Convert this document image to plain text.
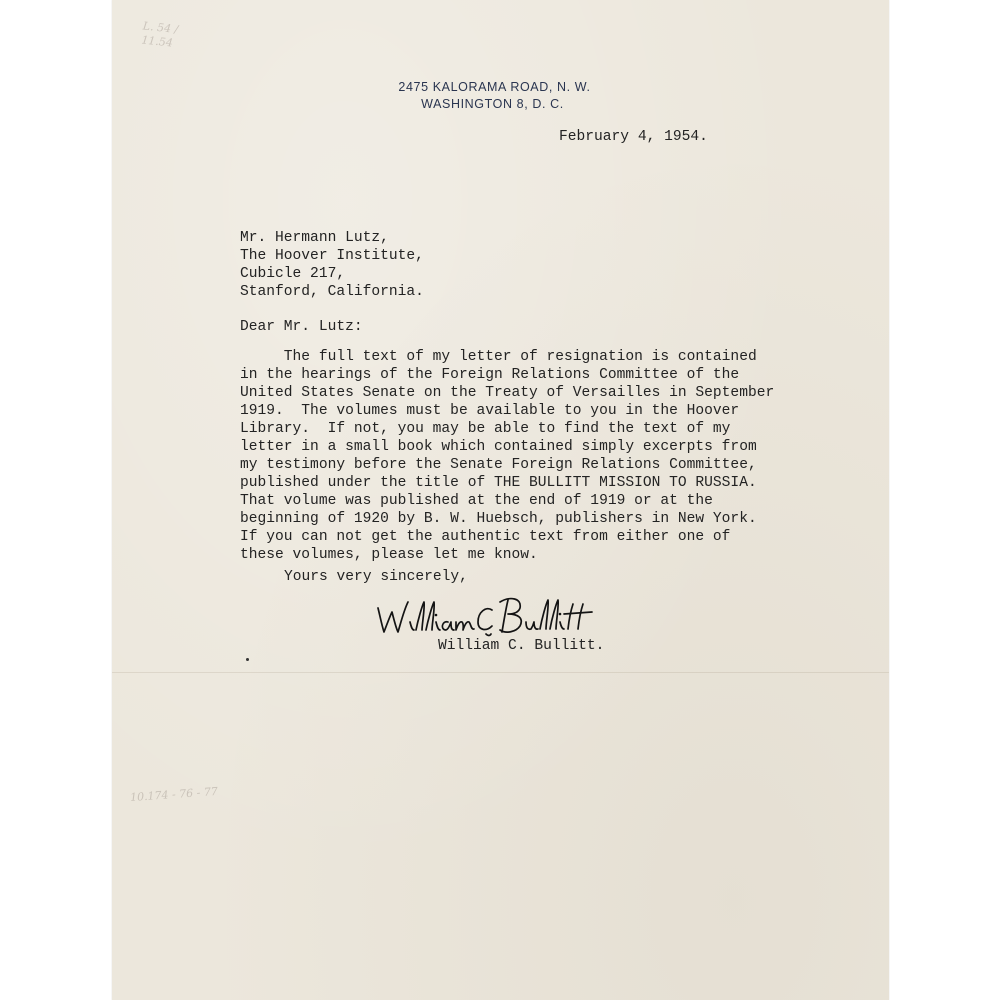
L. 54 / 11.54
10.174 - 76 - 77
2475 KALORAMA ROAD, N. W.
WASHINGTON 8, D. C.
February 4, 1954.
Mr. Hermann Lutz,
The Hoover Institute,
Cubicle 217,
Stanford, California.
Dear Mr. Lutz:
The full text of my letter of resignation is contained
in the hearings of the Foreign Relations Committee of the
United States Senate on the Treaty of Versailles in September
1919.  The volumes must be available to you in the Hoover
Library.  If not, you may be able to find the text of my
letter in a small book which contained simply excerpts from
my testimony before the Senate Foreign Relations Committee,
published under the title of THE BULLITT MISSION TO RUSSIA.
That volume was published at the end of 1919 or at the
beginning of 1920 by B. W. Huebsch, publishers in New York.
If you can not get the authentic text from either one of
these volumes, please let me know.
Yours very sincerely,
William C. Bullitt.
